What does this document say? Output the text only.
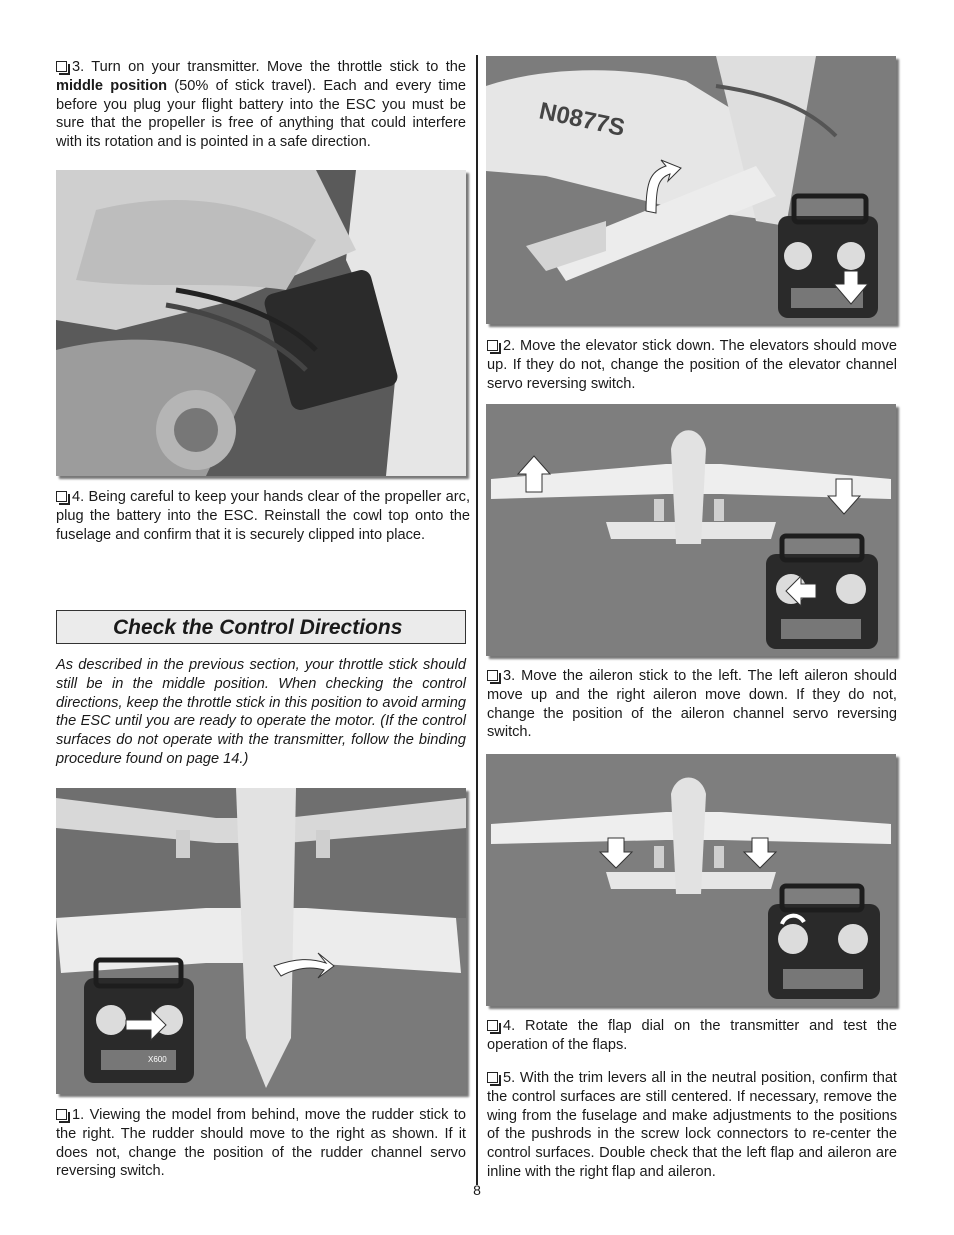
3. Turn on your transmitter. Move the throttle stick to the middle position (50% of stick travel). Each and every time before you plug your flight battery into the ESC you must be sure that the propeller is free of anything that could interfere with its rotation and is pointed in a safe direction.

4. Being careful to keep your hands clear of the propeller arc, plug the battery into the ESC. Reinstall the cowl top onto the fuselage and confirm that it is securely clipped into place.

Check the Control Directions

As described in the previous section, your throttle stick should still be in the middle position. When checking the control directions, keep the throttle stick in this position to avoid arming the ESC until you are ready to operate the motor. (If the control surfaces do not operate with the transmitter, follow the binding procedure found on page 14.)

X600

1. Viewing the model from behind, move the rudder stick to the right. The rudder should move to the right as shown. If it does not, change the position of the rudder channel servo reversing switch.

N0877S

2. Move the elevator stick down. The elevators should move up. If they do not, change the position of the elevator channel servo reversing switch.

3. Move the aileron stick to the left. The left aileron should move up and the right aileron move down. If they do not, change the position of the aileron channel servo reversing switch.

4. Rotate the flap dial on the transmitter and test the operation of the flaps.

5. With the trim levers all in the neutral position, confirm that the control surfaces are still centered. If necessary, remove the wing from the fuselage and make adjustments to the positions of the pushrods in the screw lock connectors to re-center the control surfaces. Double check that the left flap and aileron are inline with the right flap and aileron.

8
